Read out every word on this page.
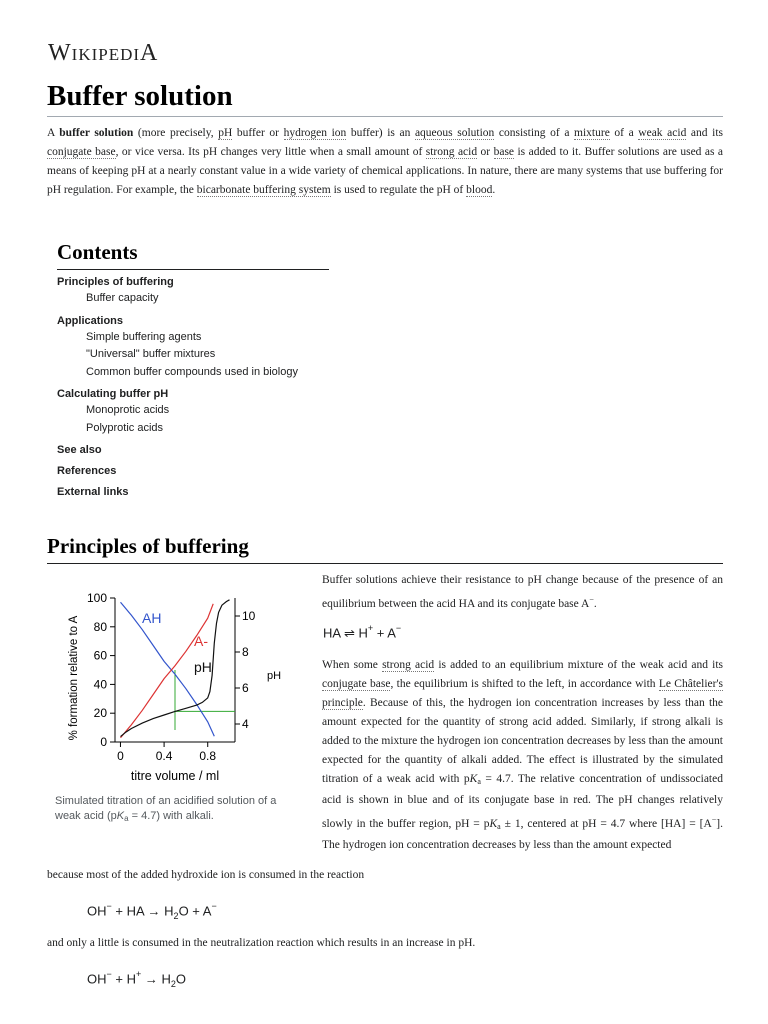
WIKIPEDIA
Buffer solution
A buffer solution (more precisely, pH buffer or hydrogen ion buffer) is an aqueous solution consisting of a mixture of a weak acid and its conjugate base, or vice versa. Its pH changes very little when a small amount of strong acid or base is added to it. Buffer solutions are used as a means of keeping pH at a nearly constant value in a wide variety of chemical applications. In nature, there are many systems that use buffering for pH regulation. For example, the bicarbonate buffering system is used to regulate the pH of blood.
Contents
Principles of buffering
Buffer capacity
Applications
Simple buffering agents
"Universal" buffer mixtures
Common buffer compounds used in biology
Calculating buffer pH
Monoprotic acids
Polyprotic acids
See also
References
External links
Principles of buffering
0
20
40
60
80
100
4
6
8
10
0	0.4 0.8
titre volume / ml
% formation relative to A	pH
AH
A-
pH
Simulated titration of an acidified solution of a weak acid $(pK_a = 4.7)$ with alkali.
Buffer solutions achieve their resistance to pH change because of the presence of an equilibrium between the acid HA and its conjugate base A−.
HA ⇌ H+ + A−
When some strong acid is added to an equilibrium mixture of the weak acid and its conjugate base, the equilibrium is shifted to the left, in accordance with Le Châtelier's principle. Because of this, the hydrogen ion concentration increases by less than the amount expected for the quantity of strong acid added. Similarly, if strong alkali is added to the mixture the hydrogen ion concentration decreases by less than the amount expected for the quantity of alkali added. The effect is illustrated by the simulated titration of a weak acid with $pK_a = 4.7$. The relative concentration of undissociated acid is shown in blue and of its conjugate base in red. The pH changes relatively slowly in the buffer region, pH = $pK_a \pm 1$, centered at pH = 4.7 where [HA] = [A−]. The hydrogen ion concentration decreases by less than the amount expected
because most of the added hydroxide ion is consumed in the reaction
OH− + HA → $H_2O + A^-$
and only a little is consumed in the neutralization reaction which results in an increase in pH.
$OH^- + H^+ \to H_2O$
